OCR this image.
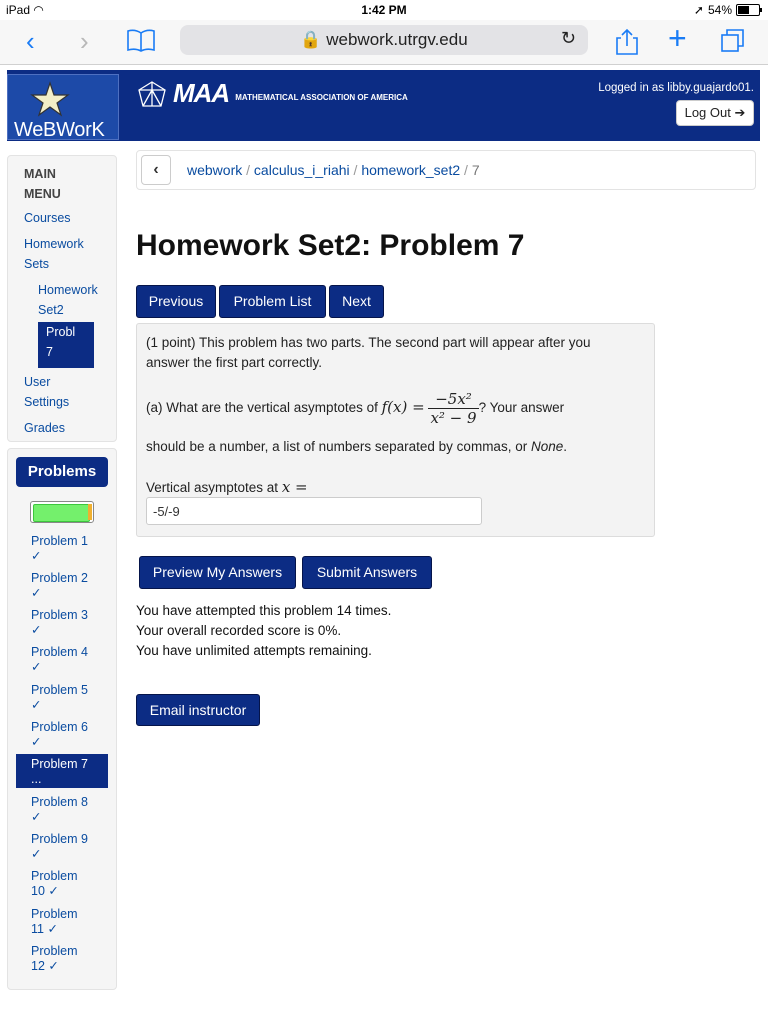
iPad ◠	1:42 PM	➚ 54%
‹ ›	🔒 webwork.utrgv.edu	↻	+
WeBWorK
MAA MATHEMATICAL ASSOCIATION OF AMERICA
Logged in as libby.guajardo01.
Log Out ➔
MAIN
MENU
Courses
Homework
Sets
Homework
Set2
Probl
7
User
Settings
Grades
Problems
Problem 1
✓
Problem 2
✓
Problem 3
✓
Problem 4
✓
Problem 5
✓
Problem 6
✓
Problem 7
...
Problem 8
✓
Problem 9
✓
Problem
10 ✓
Problem
11 ✓
Problem
12 ✓
‹	webwork / calculus_i_riahi / homework_set2 / 7
Homework Set2: Problem 7
Previous	Problem List	Next

(1 point) This problem has two parts. The second part will appear after you answer the first part correctly.

(a) What are the vertical asymptotes of $f(x) = \frac{\text{−5x²}}{\text{x² − 9}}$ ? Your answer

should be a number, a list of numbers separated by commas, or None.

Vertical asymptotes at x =

-5/-9
Preview My Answers	Submit Answers
You have attempted this problem 14 times.
Your overall recorded score is 0%.
You have unlimited attempts remaining.
Email instructor
